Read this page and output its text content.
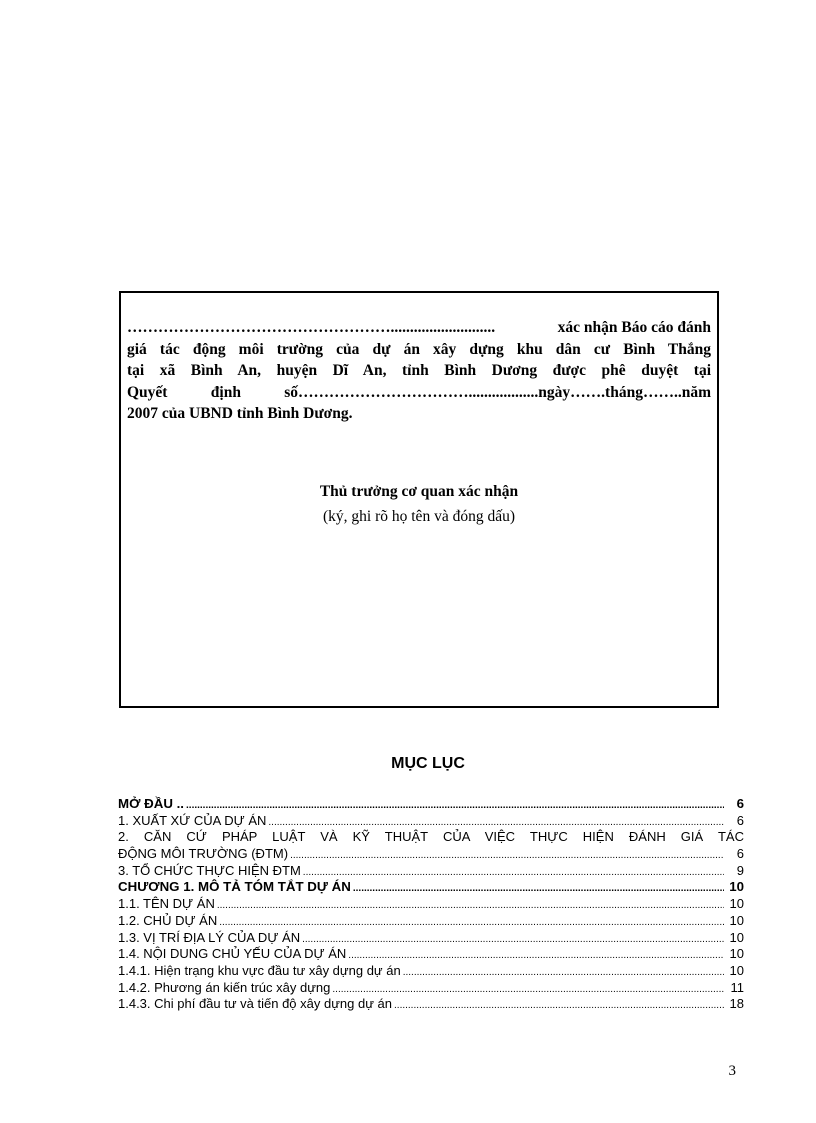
……………………………………………...........................	xác nhận Báo cáo đánh
giá tác động môi trường của dự án xây dựng khu dân cư Bình Thắng
tại xã Bình An, huyện Dĩ An, tỉnh Bình Dương được phê duyệt tại
Quyết	định	số……………………………..................ngày…….tháng……..năm
2007 của UBND tỉnh Bình Dương.
Thủ trưởng cơ quan xác nhận
(ký, ghi rõ họ tên và đóng dấu)
MỤC LỤC
MỞ ĐẦU .. .....	6
1. XUẤT XỨ CỦA DỰ ÁN .....	6
2. CĂN CỨ PHÁP LUẬT VÀ KỸ THUẬT CỦA VIỆC THỰC HIỆN ĐÁNH GIÁ TÁC
ĐỘNG MÔI TRƯỜNG (ĐTM) .....	6
3. TỔ CHỨC THỰC HIỆN ĐTM .....	9
CHƯƠNG 1. MÔ TẢ TÓM TẮT DỰ ÁN .....	10
1.1. TÊN DỰ ÁN .....	10
1.2. CHỦ DỰ ÁN .....	10
1.3. VỊ TRÍ ĐỊA LÝ CỦA DỰ ÁN .....	10
1.4. NỘI DUNG CHỦ YẾU CỦA DỰ ÁN .....	10
1.4.1. Hiện trạng khu vực đầu tư xây dựng dự án .....	10
1.4.2. Phương án kiến trúc xây dựng .....	11
1.4.3. Chi phí đầu tư và tiến độ xây dựng dự án .....	18
3
